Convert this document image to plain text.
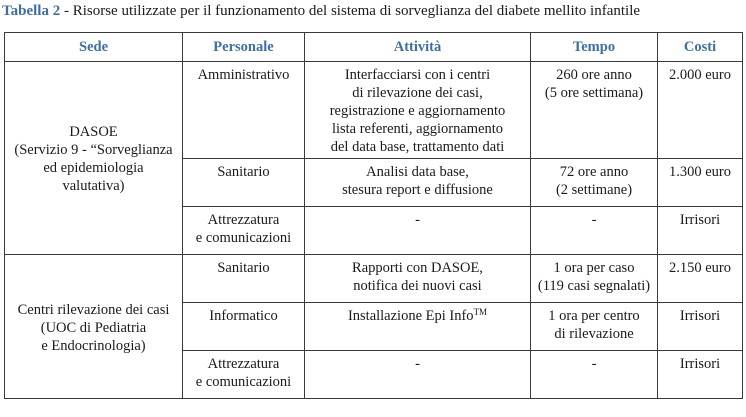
Tabella 2 - Risorse utilizzate per il funzionamento del sistema di sorveglianza del diabete mellito infantile
Sede	Personale	Attività	Tempo	Costi

DASOE
(Servizio 9 - “Sorveglianza
ed epidemiologia valutativa)	Amministrativo	Interfacciarsi con i centri
di rilevazione dei casi,
registrazione e aggiornamento
lista referenti, aggiornamento
del data base, trattamento dati	260 ore anno
(5 ore settimana)	2.000 euro

	Sanitario	Analisi data base,
stesura report e diffusione	72 ore anno
(2 settimane)	1.300 euro

	Attrezzatura
e comunicazioni	-	-	Irrisori

Centri rilevazione dei casi
(UOC di Pediatria
e Endocrinologia)	Sanitario	Rapporti con DASOE,
notifica dei nuovi casi	1 ora per caso
(119 casi segnalati)	2.150 euro

	Informatico	Installazione Epi Info™	1 ora per centro
di rilevazione	Irrisori

	Attrezzatura
e comunicazioni	-	-	Irrisori
